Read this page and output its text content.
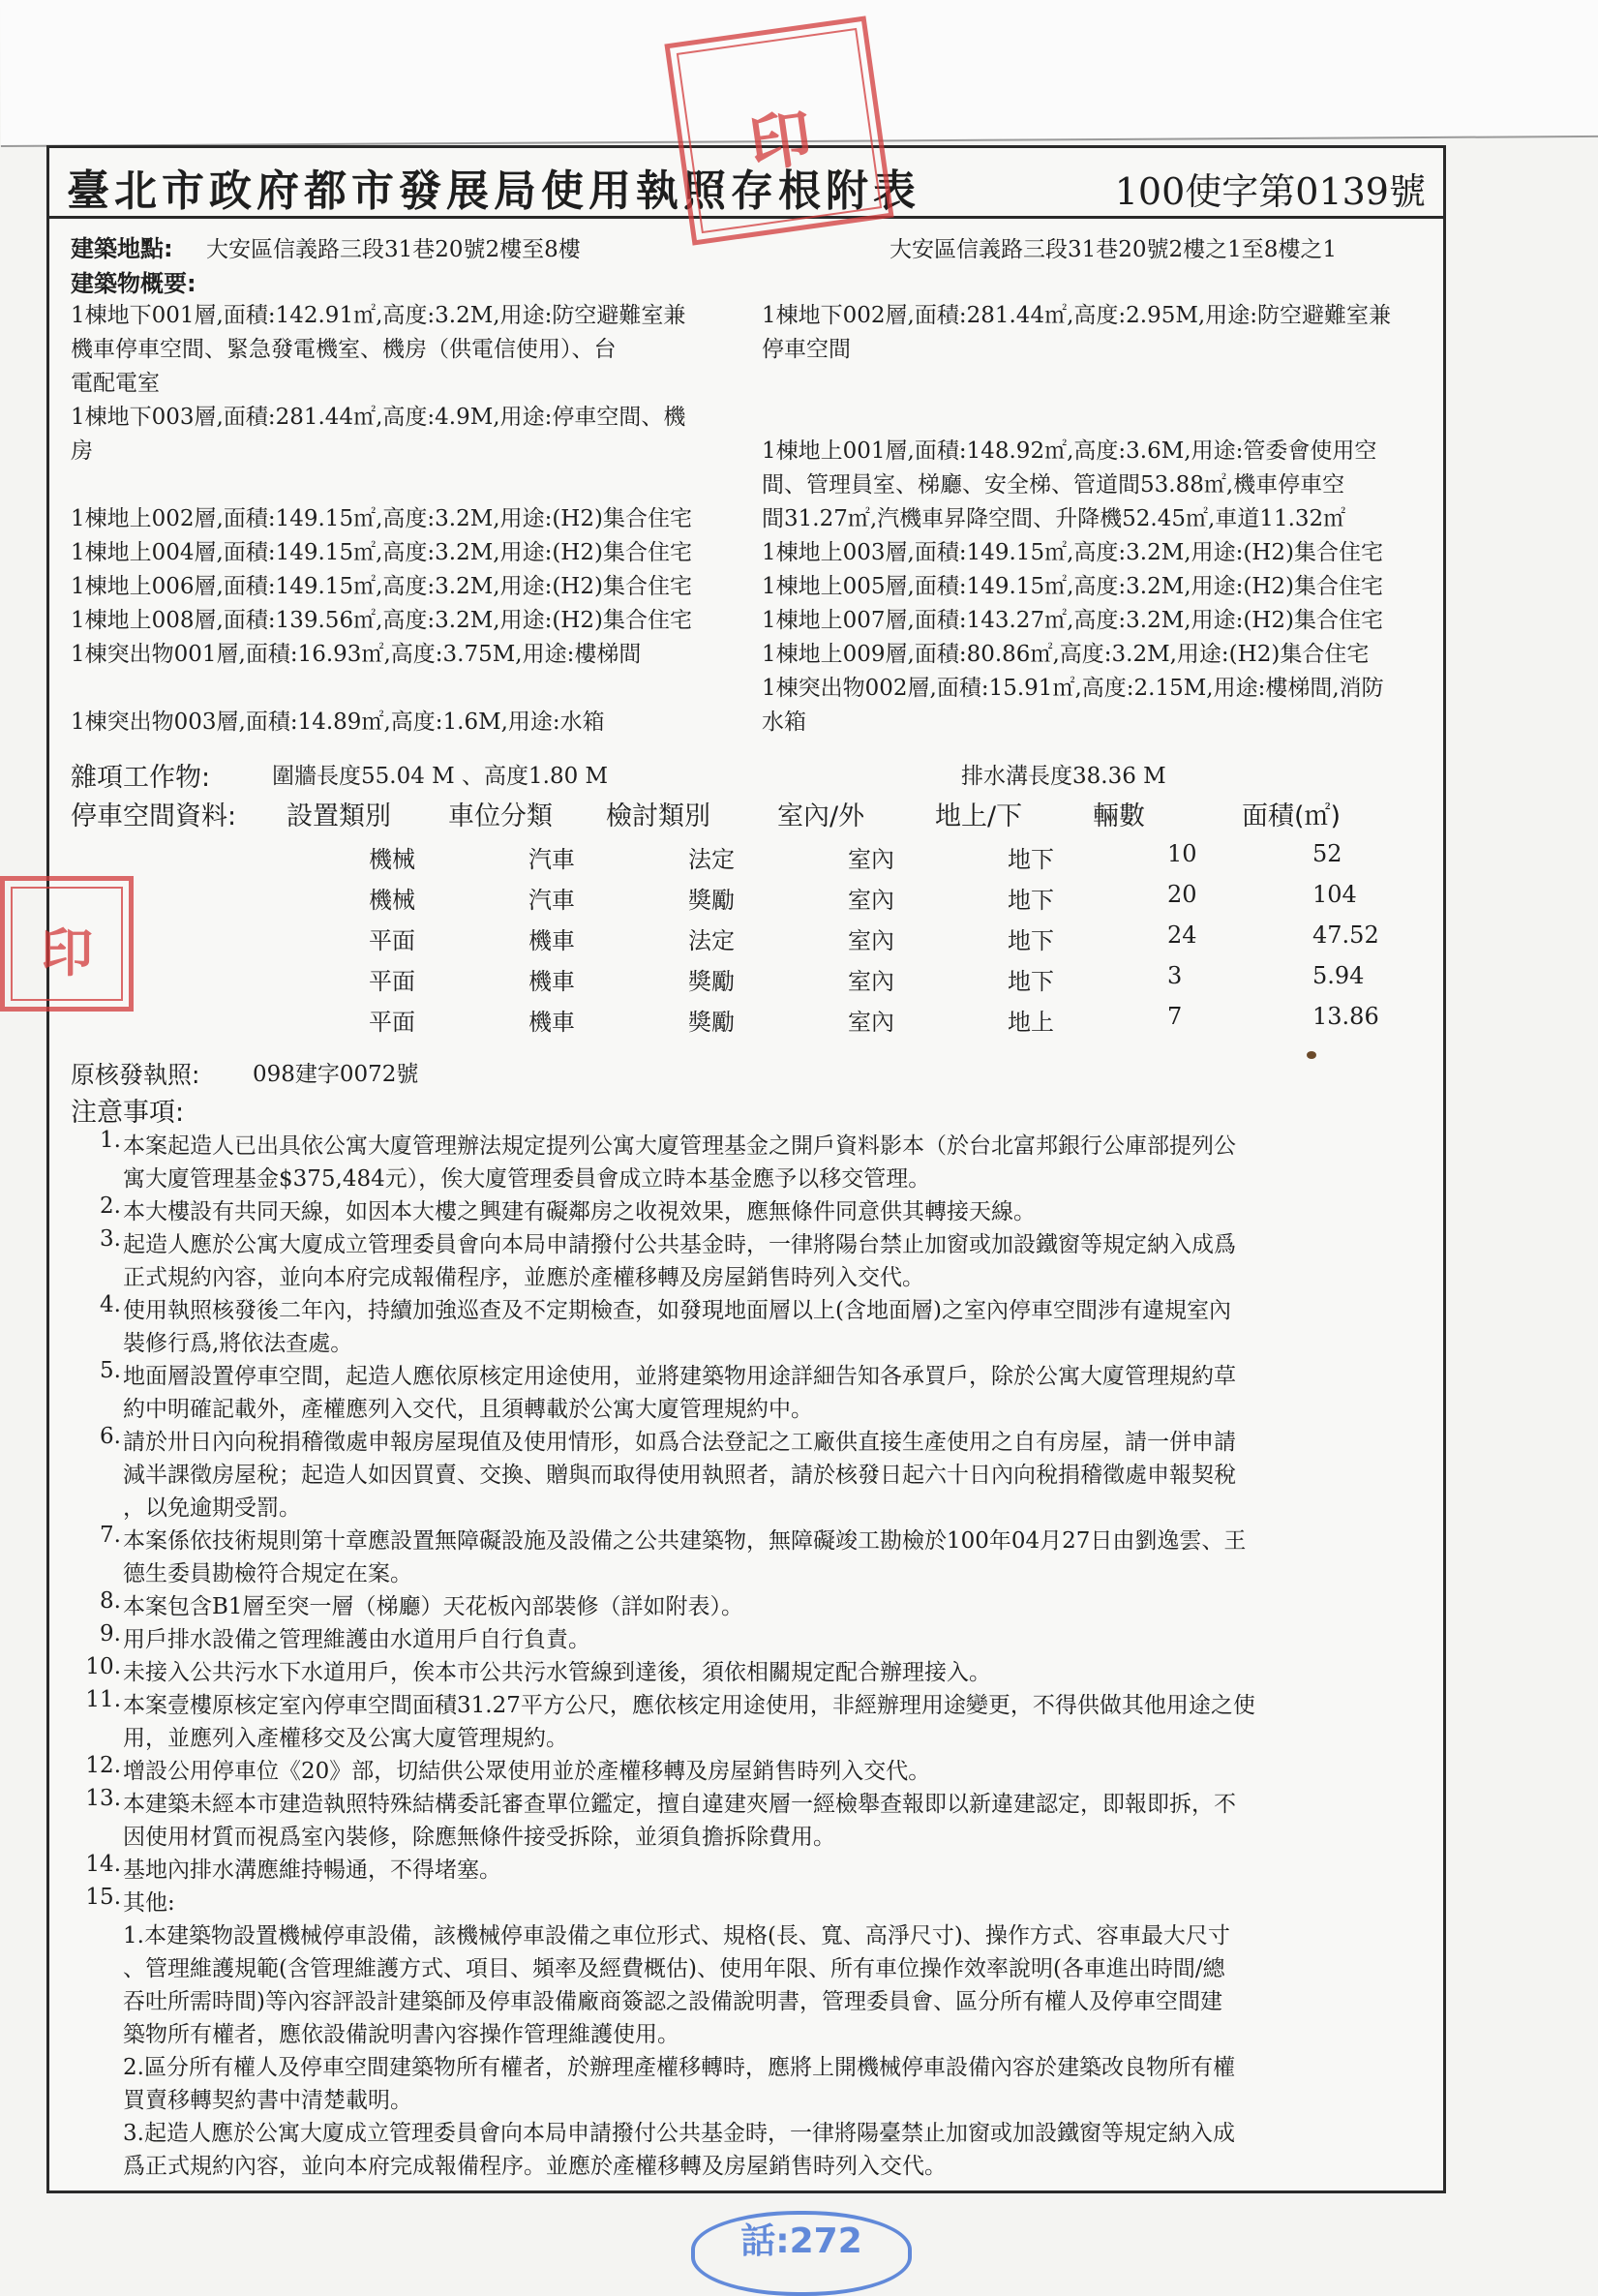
臺北市政府都市發展局使用執照存根附表	100使字第0139號
建築地點: 大安區信義路三段31巷20號2樓至8樓	大安區信義路三段31巷20號2樓之1至8樓之1
建築物概要:
1棟地下001層,面積:142.91㎡,高度:3.2M,用途:防空避難室兼
機車停車空間、緊急發電機室、機房（供電信使用）、台
電配電室
1棟地下003層,面積:281.44㎡,高度:4.9M,用途:停車空間、機
房
1棟地上002層,面積:149.15㎡,高度:3.2M,用途:(H2)集合住宅
1棟地上004層,面積:149.15㎡,高度:3.2M,用途:(H2)集合住宅
1棟地上006層,面積:149.15㎡,高度:3.2M,用途:(H2)集合住宅
1棟地上008層,面積:139.56㎡,高度:3.2M,用途:(H2)集合住宅
1棟突出物001層,面積:16.93㎡,高度:3.75M,用途:樓梯間
1棟突出物003層,面積:14.89㎡,高度:1.6M,用途:水箱
1棟地下002層,面積:281.44㎡,高度:2.95M,用途:防空避難室兼
停車空間
1棟地上001層,面積:148.92㎡,高度:3.6M,用途:管委會使用空
間、管理員室、梯廳、安全梯、管道間53.88㎡,機車停車空
間31.27㎡,汽機車昇降空間、升降機52.45㎡,車道11.32㎡
1棟地上003層,面積:149.15㎡,高度:3.2M,用途:(H2)集合住宅
1棟地上005層,面積:149.15㎡,高度:3.2M,用途:(H2)集合住宅
1棟地上007層,面積:143.27㎡,高度:3.2M,用途:(H2)集合住宅
1棟地上009層,面積:80.86㎡,高度:3.2M,用途:(H2)集合住宅
1棟突出物002層,面積:15.91㎡,高度:2.15M,用途:樓梯間,消防
水箱
雜項工作物:	圍牆長度55.04 M 、高度1.80 M	排水溝長度38.36 M
停車空間資料: 設置類別 車位分類 檢討類別	室內/外	地上/下	輛數	面積(㎡)
機械	汽車	法定	室內	地下	10	52
機械	汽車	獎勵	室內	地下	20	104
平面	機車	法定	室內	地下	24	47.52
平面	機車	獎勵	室內	地下	3	5.94
平面	機車	獎勵	室內	地上	7	13.86
原核發執照: 098建字0072號
注意事項:
1. 本案起造人已出具依公寓大廈管理辦法規定提列公寓大廈管理基金之開戶資料影本（於台北富邦銀行公庫部提列公
寓大廈管理基金$375,484元），俟大廈管理委員會成立時本基金應予以移交管理。
2. 本大樓設有共同天線，如因本大樓之興建有礙鄰房之收視效果，應無條件同意供其轉接天線。
3. 起造人應於公寓大廈成立管理委員會向本局申請撥付公共基金時，一律將陽台禁止加窗或加設鐵窗等規定納入成爲
正式規約內容，並向本府完成報備程序，並應於產權移轉及房屋銷售時列入交代。
4. 使用執照核發後二年內，持續加強巡查及不定期檢查，如發現地面層以上(含地面層)之室內停車空間涉有違規室內
裝修行爲,將依法查處。
5. 地面層設置停車空間，起造人應依原核定用途使用，並將建築物用途詳細告知各承買戶，除於公寓大廈管理規約草
約中明確記載外，產權應列入交代，且須轉載於公寓大廈管理規約中。
6. 請於卅日內向稅捐稽徵處申報房屋現值及使用情形，如爲合法登記之工廠供直接生產使用之自有房屋，請一併申請
減半課徵房屋稅；起造人如因買賣、交換、贈與而取得使用執照者，請於核發日起六十日內向稅捐稽徵處申報契稅
，以免逾期受罰。
7. 本案係依技術規則第十章應設置無障礙設施及設備之公共建築物，無障礙竣工勘檢於100年04月27日由劉逸雲、王
德生委員勘檢符合規定在案。
8. 本案包含B1層至突一層（梯廳）天花板內部裝修（詳如附表）。
9. 用戶排水設備之管理維護由水道用戶自行負責。
10. 未接入公共污水下水道用戶，俟本市公共污水管線到達後，須依相關規定配合辦理接入。
11. 本案壹樓原核定室內停車空間面積31.27平方公尺，應依核定用途使用，非經辦理用途變更，不得供做其他用途之使
用，並應列入產權移交及公寓大廈管理規約。
12. 增設公用停車位《20》部，切結供公眾使用並於產權移轉及房屋銷售時列入交代。
13. 本建築未經本市建造執照特殊結構委託審查單位鑑定，擅自違建夾層一經檢舉查報即以新違建認定，即報即拆，不
因使用材質而視爲室內裝修，除應無條件接受拆除，並須負擔拆除費用。
14. 基地內排水溝應維持暢通，不得堵塞。
15. 其他:
1.本建築物設置機械停車設備，該機械停車設備之車位形式、規格(長、寬、高淨尺寸)、操作方式、容車最大尺寸
、管理維護規範(含管理維護方式、項目、頻率及經費概估)、使用年限、所有車位操作效率說明(各車進出時間/總
吞吐所需時間)等內容評設計建築師及停車設備廠商簽認之設備說明書，管理委員會、區分所有權人及停車空間建
築物所有權者，應依設備說明書內容操作管理維護使用。
2.區分所有權人及停車空間建築物所有權者，於辦理產權移轉時，應將上開機械停車設備內容於建築改良物所有權
買賣移轉契約書中清楚載明。
3.起造人應於公寓大廈成立管理委員會向本局申請撥付公共基金時，一律將陽臺禁止加窗或加設鐵窗等規定納入成
爲正式規約內容，並向本府完成報備程序。並應於產權移轉及房屋銷售時列入交代。
印
印
話:272
